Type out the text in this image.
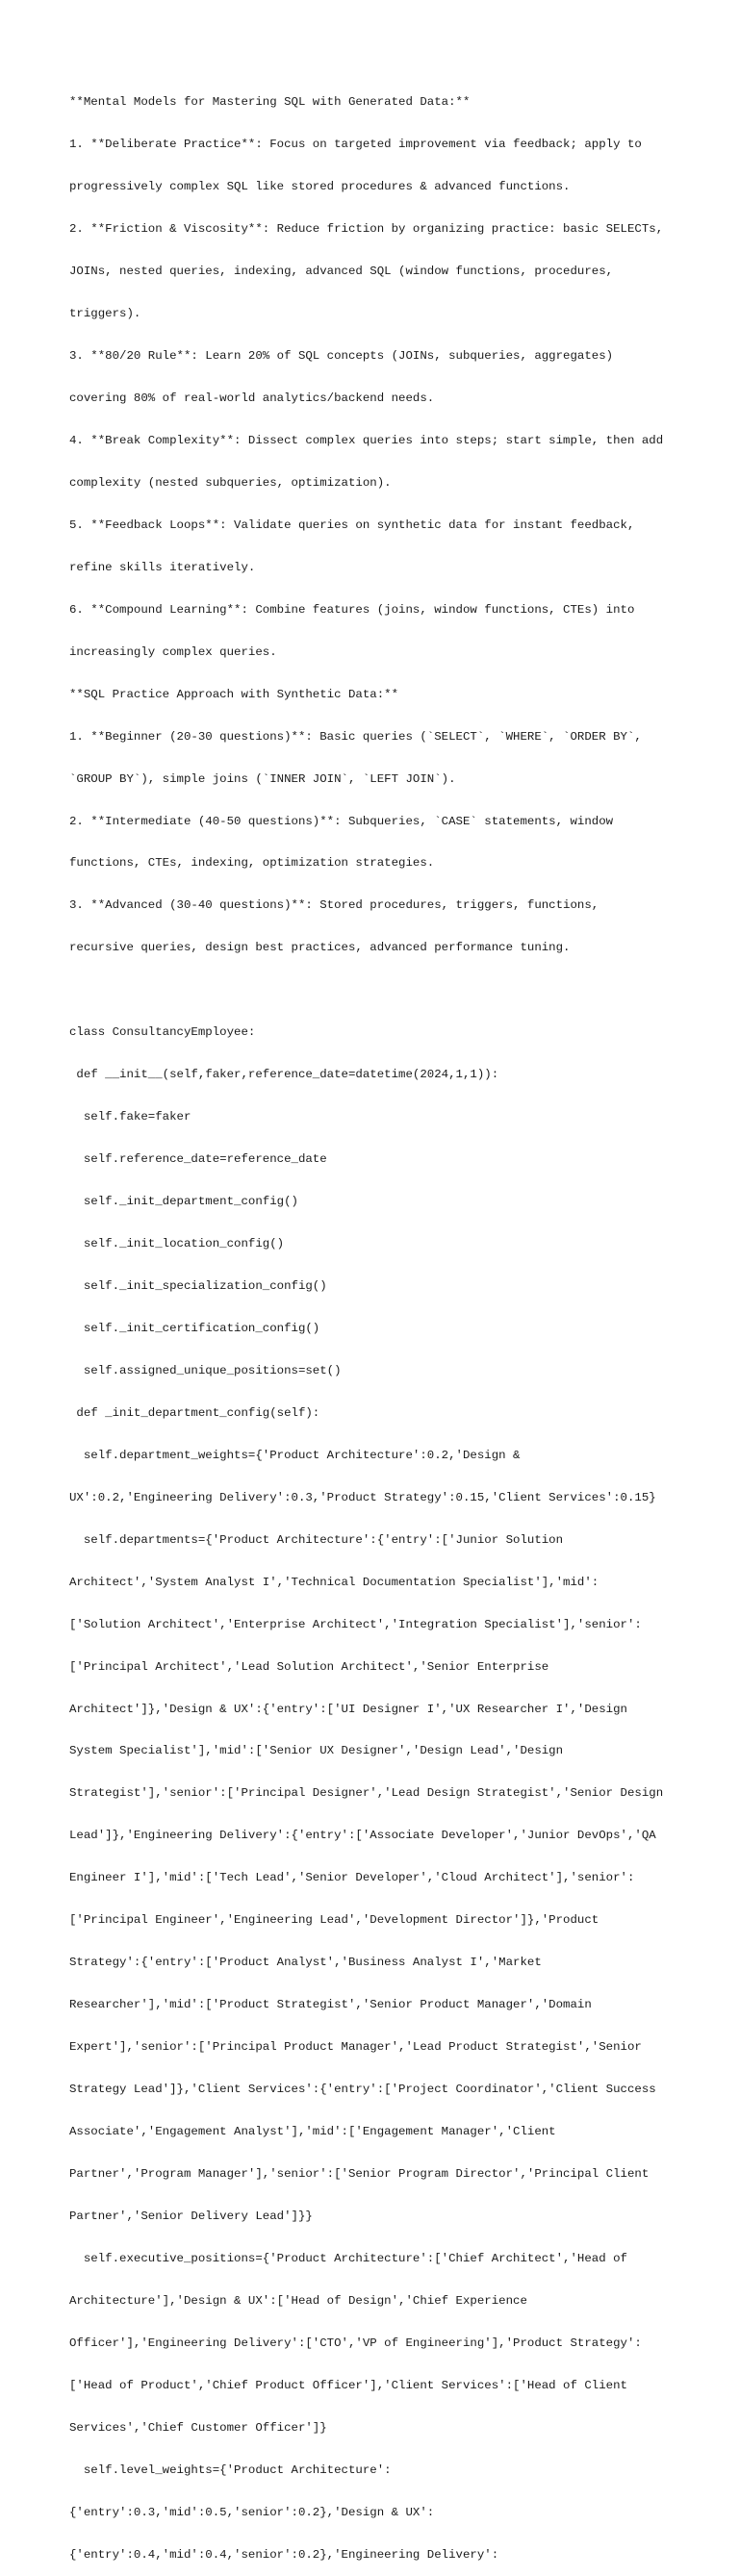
**Mental Models for Mastering SQL with Generated Data:**

1. **Deliberate Practice**: Focus on targeted improvement via feedback; apply to

progressively complex SQL like stored procedures & advanced functions.

2. **Friction & Viscosity**: Reduce friction by organizing practice: basic SELECTs,

JOINs, nested queries, indexing, advanced SQL (window functions, procedures,

triggers).

3. **80/20 Rule**: Learn 20% of SQL concepts (JOINs, subqueries, aggregates)

covering 80% of real-world analytics/backend needs.

4. **Break Complexity**: Dissect complex queries into steps; start simple, then add

complexity (nested subqueries, optimization).

5. **Feedback Loops**: Validate queries on synthetic data for instant feedback,

refine skills iteratively.

6. **Compound Learning**: Combine features (joins, window functions, CTEs) into

increasingly complex queries.

**SQL Practice Approach with Synthetic Data:**

1. **Beginner (20-30 questions)**: Basic queries (`SELECT`, `WHERE`, `ORDER BY`,

`GROUP BY`), simple joins (`INNER JOIN`, `LEFT JOIN`).

2. **Intermediate (40-50 questions)**: Subqueries, `CASE` statements, window

functions, CTEs, indexing, optimization strategies.

3. **Advanced (30-40 questions)**: Stored procedures, triggers, functions,

recursive queries, design best practices, advanced performance tuning.

class ConsultancyEmployee:

def __init__(self,faker,reference_date=datetime(2024,1,1)):

self.fake=faker

self.reference_date=reference_date

self._init_department_config()

self._init_location_config()

self._init_specialization_config()

self._init_certification_config()

self.assigned_unique_positions=set()

def _init_department_config(self):

self.department_weights={'Product Architecture':0.2,'Design &

UX':0.2,'Engineering Delivery':0.3,'Product Strategy':0.15,'Client Services':0.15}

self.departments={'Product Architecture':{'entry':['Junior Solution

Architect','System Analyst I','Technical Documentation Specialist'],'mid':

['Solution Architect','Enterprise Architect','Integration Specialist'],'senior':

['Principal Architect','Lead Solution Architect','Senior Enterprise

Architect']},'Design & UX':{'entry':['UI Designer I','UX Researcher I','Design

System Specialist'],'mid':['Senior UX Designer','Design Lead','Design

Strategist'],'senior':['Principal Designer','Lead Design Strategist','Senior Design

Lead']},'Engineering Delivery':{'entry':['Associate Developer','Junior DevOps','QA

Engineer I'],'mid':['Tech Lead','Senior Developer','Cloud Architect'],'senior':

['Principal Engineer','Engineering Lead','Development Director']},'Product

Strategy':{'entry':['Product Analyst','Business Analyst I','Market

Researcher'],'mid':['Product Strategist','Senior Product Manager','Domain

Expert'],'senior':['Principal Product Manager','Lead Product Strategist','Senior

Strategy Lead']},'Client Services':{'entry':['Project Coordinator','Client Success

Associate','Engagement Analyst'],'mid':['Engagement Manager','Client

Partner','Program Manager'],'senior':['Senior Program Director','Principal Client

Partner','Senior Delivery Lead']}}

self.executive_positions={'Product Architecture':['Chief Architect','Head of

Architecture'],'Design & UX':['Head of Design','Chief Experience

Officer'],'Engineering Delivery':['CTO','VP of Engineering'],'Product Strategy':

['Head of Product','Chief Product Officer'],'Client Services':['Head of Client

Services','Chief Customer Officer']}

self.level_weights={'Product Architecture':

{'entry':0.3,'mid':0.5,'senior':0.2},'Design & UX':

{'entry':0.4,'mid':0.4,'senior':0.2},'Engineering Delivery':
